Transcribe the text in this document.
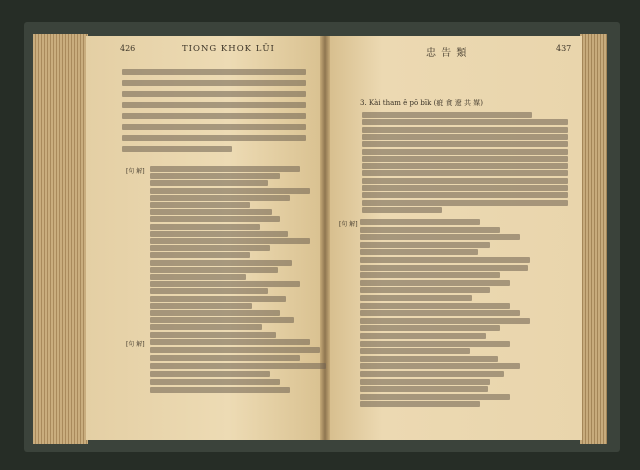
426	TIONG KHOK LŪI	忠 告 類	437
3. Kài tham ê pō bīk (疵 貪 遼 共 媒)
[句 解]
[句 解]
[句 解]
